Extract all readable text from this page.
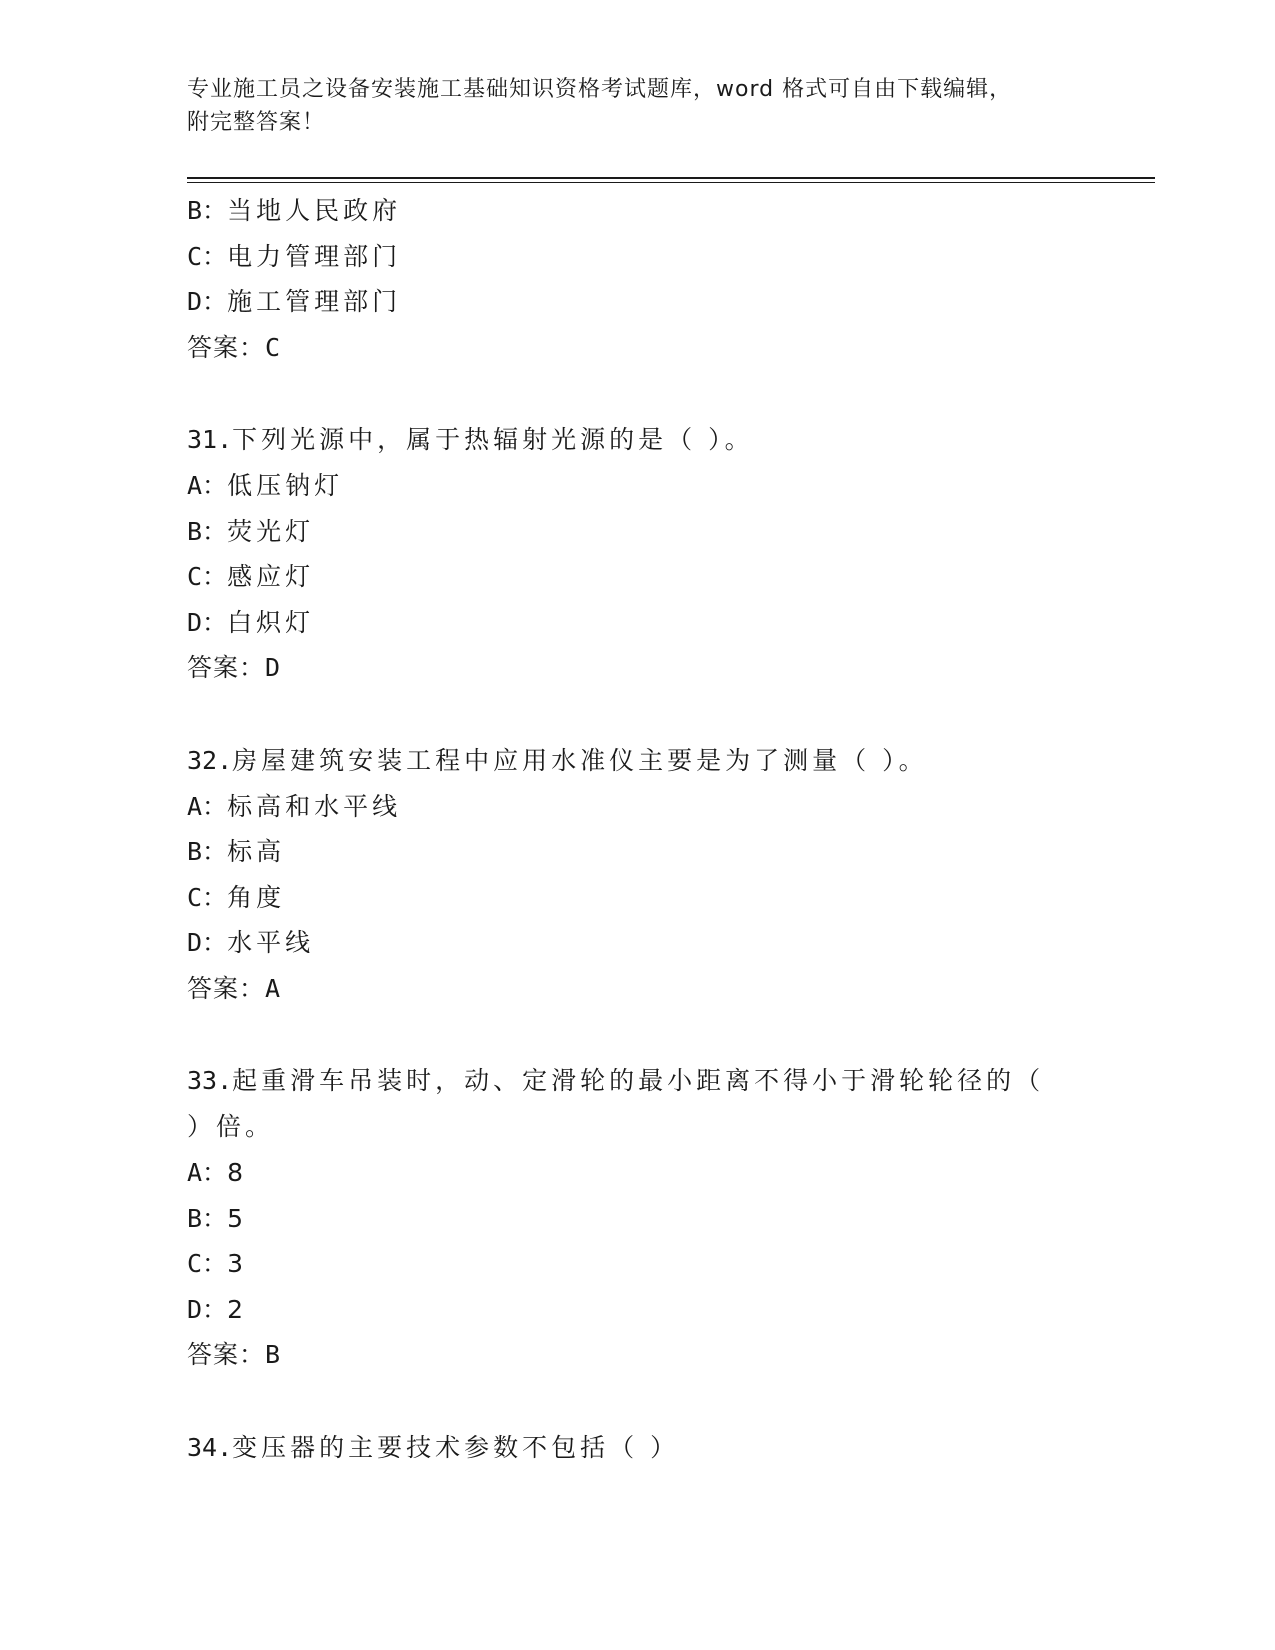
专业施工员之设备安装施工基础知识资格考试题库，word 格式可自由下载编辑，
附完整答案！
B：当地人民政府
C：电力管理部门
D：施工管理部门
答案：C
31.下列光源中，属于热辐射光源的是（ ）。
A：低压钠灯
B：荧光灯
C：感应灯
D：白炽灯
答案：D
32.房屋建筑安装工程中应用水准仪主要是为了测量（ ）。
A：标高和水平线
B：标高
C：角度
D：水平线
答案：A
33.起重滑车吊装时，动、定滑轮的最小距离不得小于滑轮轮径的（ ）倍。
A：8
B：5
C：3
D：2
答案：B
34.变压器的主要技术参数不包括（ ）
